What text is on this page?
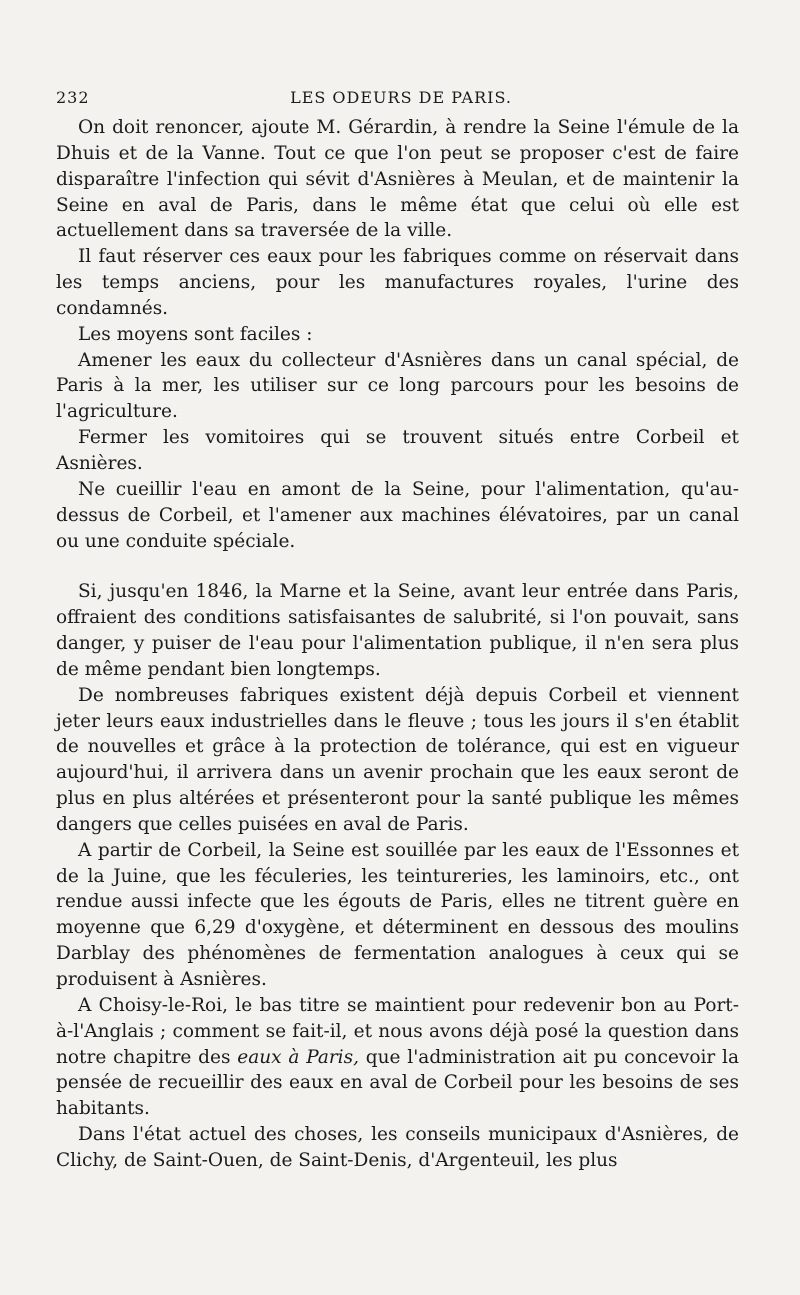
232	LES ODEURS DE PARIS.

On doit renoncer, ajoute M. Gérardin, à rendre la Seine l'émule de la Dhuis et de la Vanne. Tout ce que l'on peut se proposer c'est de faire disparaître l'infection qui sévit d'Asnières à Meulan, et de maintenir la Seine en aval de Paris, dans le même état que celui où elle est actuellement dans sa traversée de la ville.

Il faut réserver ces eaux pour les fabriques comme on réservait dans les temps anciens, pour les manufactures royales, l'urine des condamnés.

Les moyens sont faciles :

Amener les eaux du collecteur d'Asnières dans un canal spécial, de Paris à la mer, les utiliser sur ce long parcours pour les besoins de l'agriculture.

Fermer les vomitoires qui se trouvent situés entre Corbeil et Asnières.

Ne cueillir l'eau en amont de la Seine, pour l'alimentation, qu'au-dessus de Corbeil, et l'amener aux machines élévatoires, par un canal ou une conduite spéciale.

Si, jusqu'en 1846, la Marne et la Seine, avant leur entrée dans Paris, offraient des conditions satisfaisantes de salubrité, si l'on pouvait, sans danger, y puiser de l'eau pour l'alimentation publique, il n'en sera plus de même pendant bien longtemps.

De nombreuses fabriques existent déjà depuis Corbeil et viennent jeter leurs eaux industrielles dans le fleuve ; tous les jours il s'en établit de nouvelles et grâce à la protection de tolérance, qui est en vigueur aujourd'hui, il arrivera dans un avenir prochain que les eaux seront de plus en plus altérées et présenteront pour la santé publique les mêmes dangers que celles puisées en aval de Paris.

A partir de Corbeil, la Seine est souillée par les eaux de l'Essonnes et de la Juine, que les féculeries, les teintureries, les laminoirs, etc., ont rendue aussi infecte que les égouts de Paris, elles ne titrent guère en moyenne que 6,29 d'oxygène, et déterminent en dessous des moulins Darblay des phénomènes de fermentation analogues à ceux qui se produisent à Asnières.

A Choisy-le-Roi, le bas titre se maintient pour redevenir bon au Port-à-l'Anglais ; comment se fait-il, et nous avons déjà posé la question dans notre chapitre des eaux à Paris, que l'administration ait pu concevoir la pensée de recueillir des eaux en aval de Corbeil pour les besoins de ses habitants.

Dans l'état actuel des choses, les conseils municipaux d'Asnières, de Clichy, de Saint-Ouen, de Saint-Denis, d'Argenteuil, les plus
